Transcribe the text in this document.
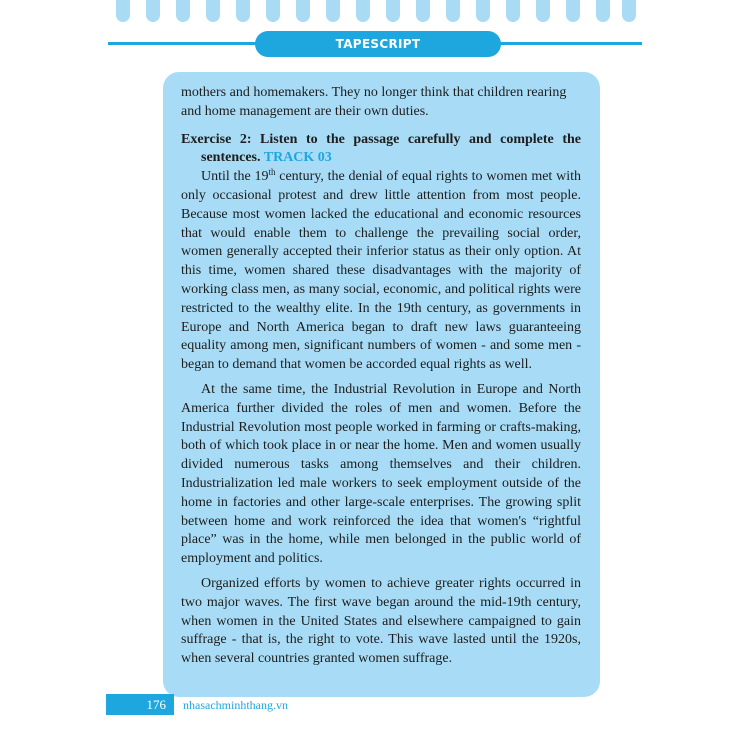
TAPESCRIPT

mothers and homemakers. They no longer think that children rearing and home management are their own duties.

Exercise 2: Listen to the passage carefully and complete the sentences. TRACK 03

Until the 19th century, the denial of equal rights to women met with only occasional protest and drew little attention from most people. Because most women lacked the educational and economic resources that would enable them to challenge the prevailing social order, women generally accepted their inferior status as their only option. At this time, women shared these disadvantages with the majority of working class men, as many social, economic, and political rights were restricted to the wealthy elite. In the 19th century, as governments in Europe and North America began to draft new laws guaranteeing equality among men, significant numbers of women - and some men - began to demand that women be accorded equal rights as well.

At the same time, the Industrial Revolution in Europe and North America further divided the roles of men and women. Before the Industrial Revolution most people worked in farming or crafts-making, both of which took place in or near the home. Men and women usually divided numerous tasks among themselves and their children. Industrialization led male workers to seek employment outside of the home in factories and other large-scale enterprises. The growing split between home and work reinforced the idea that women's “rightful place” was in the home, while men belonged in the public world of employment and politics.

Organized efforts by women to achieve greater rights occurred in two major waves. The first wave began around the mid-19th century, when women in the United States and elsewhere campaigned to gain suffrage - that is, the right to vote. This wave lasted until the 1920s, when several countries granted women suffrage.

176	nhasachminhthang.vn
